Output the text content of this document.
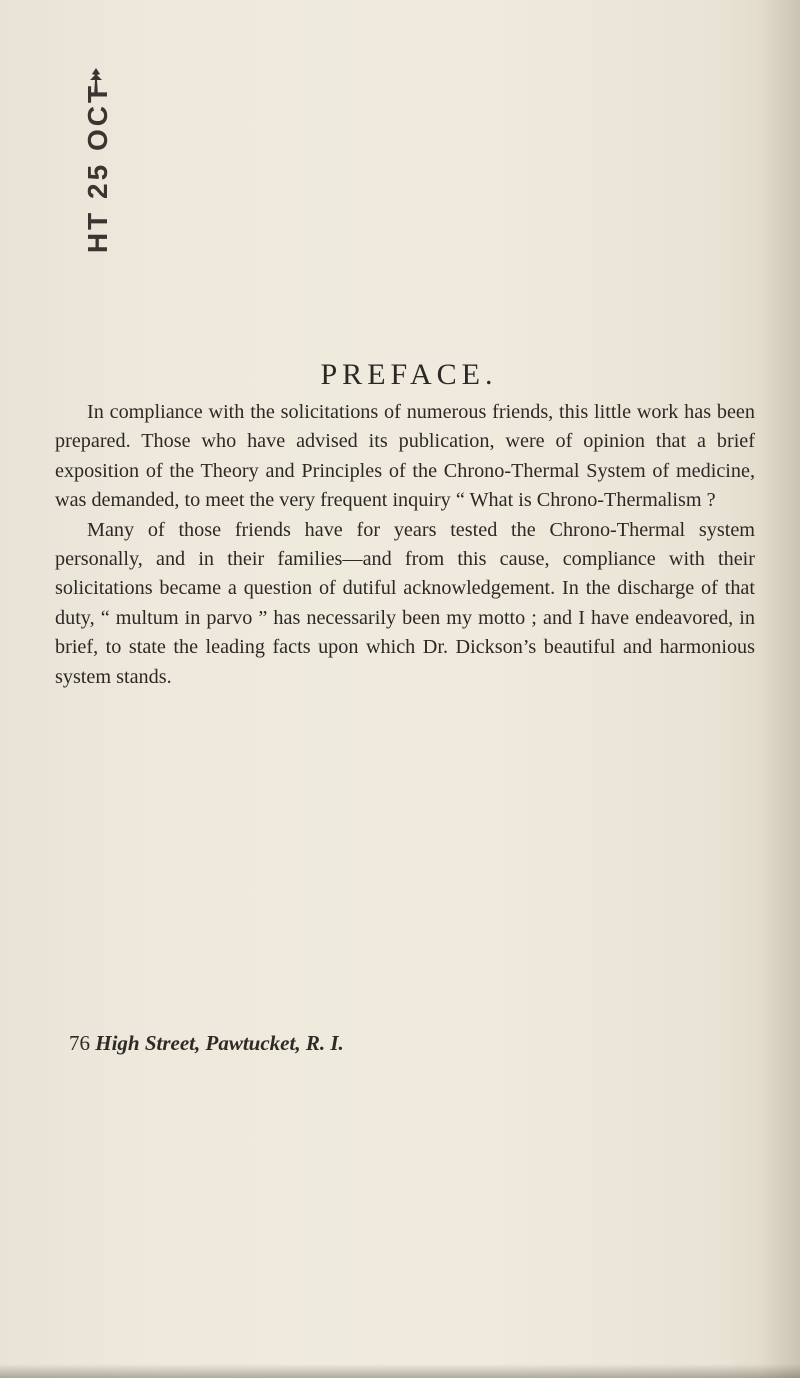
HT 25 OCT
PREFACE.

In compliance with the solicitations of numerous friends, this little work has been prepared. Those who have advised its publication, were of opinion that a brief exposition of the Theory and Principles of the Chrono-Thermal System of medicine, was demanded, to meet the very frequent inquiry “ What is Chrono-Thermalism ?

Many of those friends have for years tested the Chrono-Thermal system personally, and in their families—and from this cause, compliance with their solicitations became a question of dutiful acknowledgement. In the discharge of that duty, “ multum in parvo ” has necessarily been my motto ; and I have endeavored, in brief, to state the leading facts upon which Dr. Dickson’s beautiful and harmonious system stands.

76 High Street, Pawtucket, R. I.
